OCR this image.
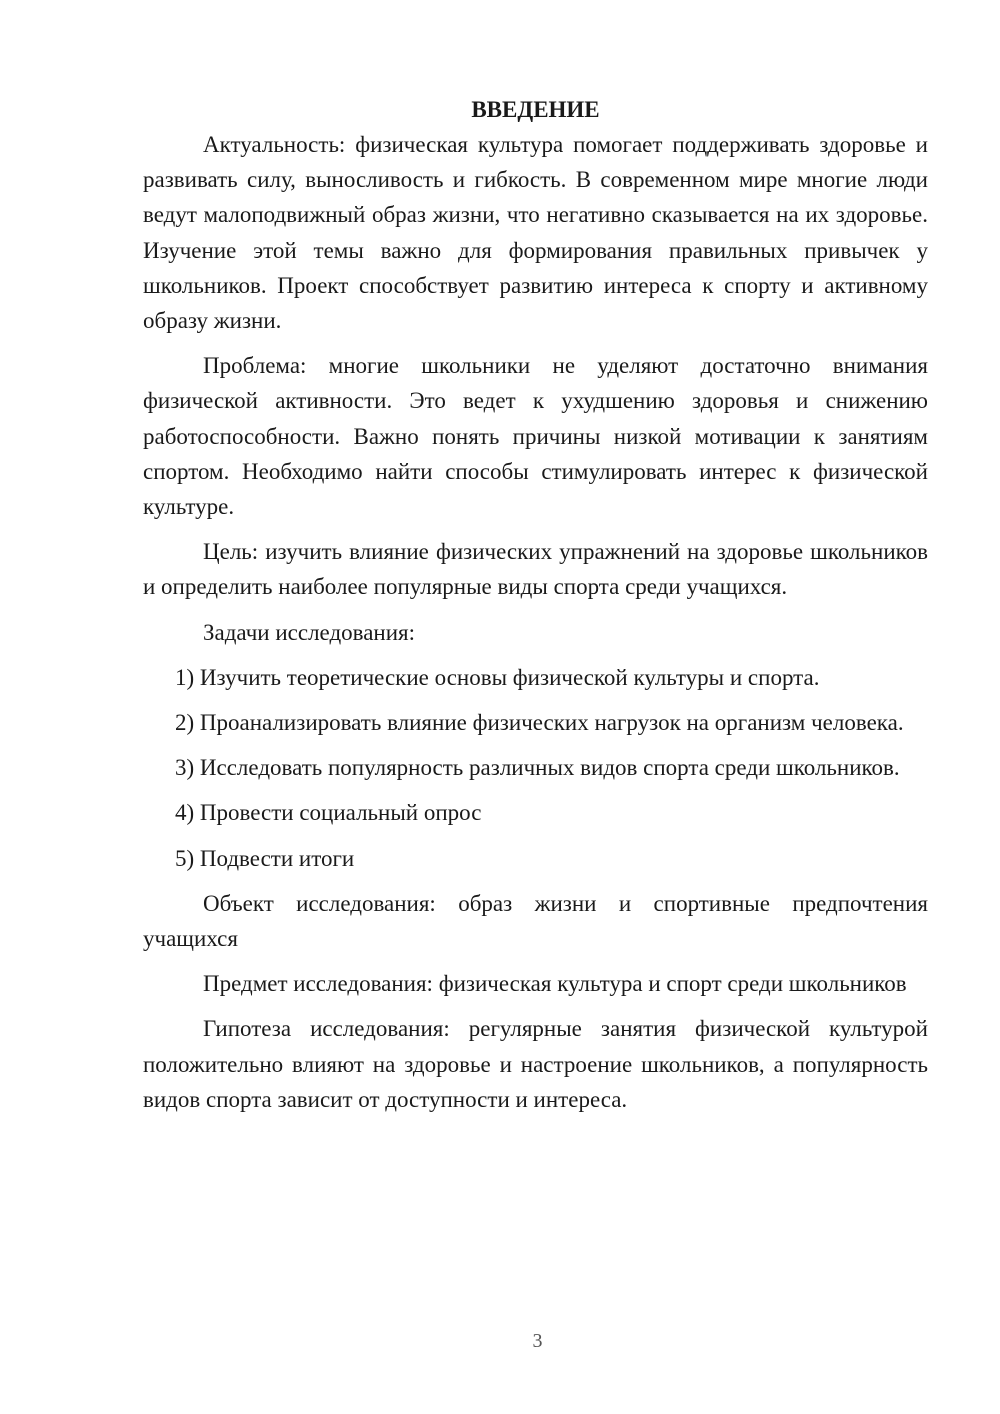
ВВЕДЕНИЕ

Актуальность: физическая культура помогает поддерживать здоровье и развивать силу, выносливость и гибкость. В современном мире многие люди ведут малоподвижный образ жизни, что негативно сказывается на их здоровье. Изучение этой темы важно для формирования правильных привычек у школьников. Проект способствует развитию интереса к спорту и активному образу жизни.

Проблема: многие школьники не уделяют достаточно внимания физической активности. Это ведет к ухудшению здоровья и снижению работоспособности. Важно понять причины низкой мотивации к занятиям спортом. Необходимо найти способы стимулировать интерес к физической культуре.

Цель: изучить влияние физических упражнений на здоровье школьников и определить наиболее популярные виды спорта среди учащихся.

Задачи исследования:

1) Изучить теоретические основы физической культуры и спорта.

2) Проанализировать влияние физических нагрузок на организм человека.

3) Исследовать популярность различных видов спорта среди школьников.

4) Провести социальный опрос

5) Подвести итоги

Объект исследования: образ жизни и спортивные предпочтения учащихся

Предмет исследования: физическая культура и спорт среди школьников

Гипотеза исследования: регулярные занятия физической культурой положительно влияют на здоровье и настроение школьников, а популярность видов спорта зависит от доступности и интереса.

3
